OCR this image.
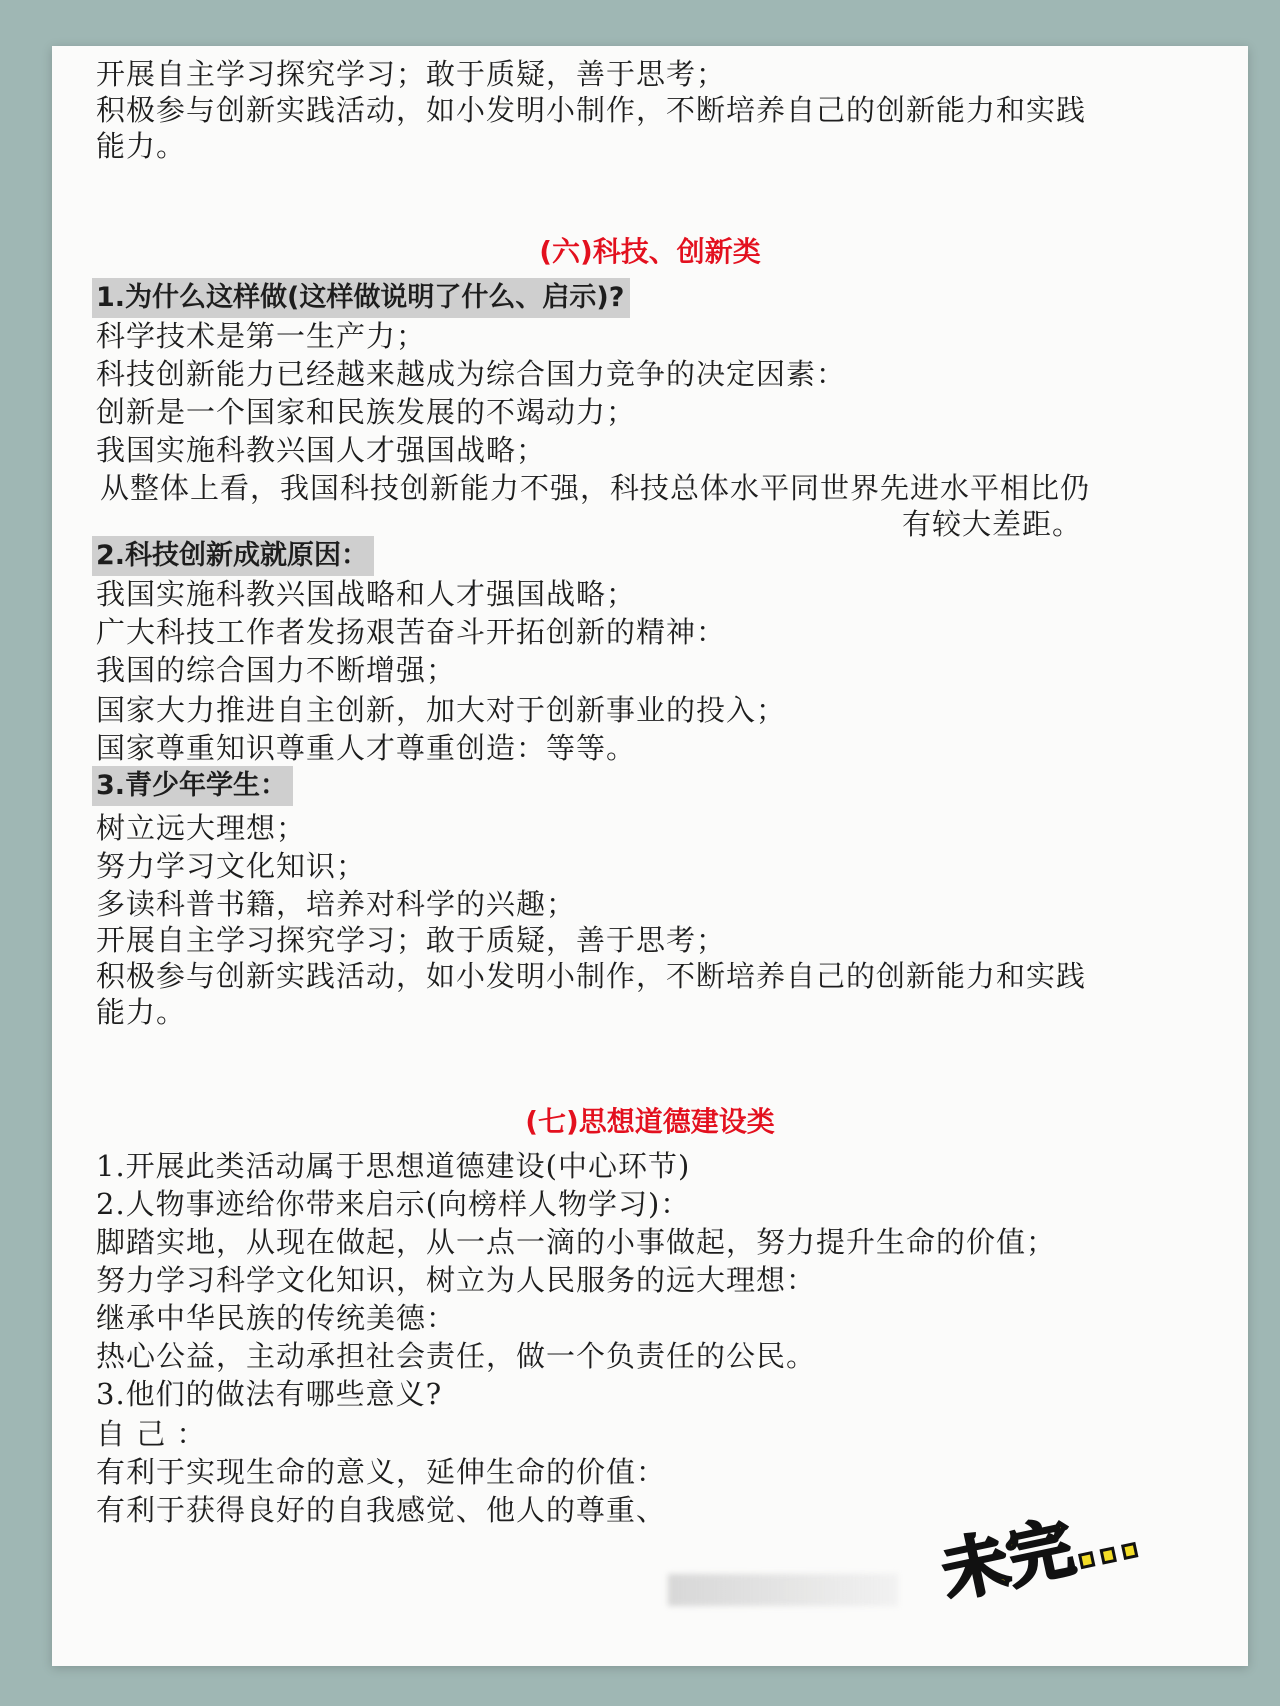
开展自主学习探究学习；敢于质疑，善于思考；
积极参与创新实践活动，如小发明小制作，不断培养自己的创新能力和实践
能力。
(六)科技、创新类
1.为什么这样做(这样做说明了什么、启示)?
科学技术是第一生产力；
科技创新能力已经越来越成为综合国力竞争的决定因素：
创新是一个国家和民族发展的不竭动力；
我国实施科教兴国人才强国战略；
从整体上看，我国科技创新能力不强，科技总体水平同世界先进水平相比仍
有较大差距。
2.科技创新成就原因：
我国实施科教兴国战略和人才强国战略；
广大科技工作者发扬艰苦奋斗开拓创新的精神：
我国的综合国力不断增强；
国家大力推进自主创新，加大对于创新事业的投入；
国家尊重知识尊重人才尊重创造：等等。
3.青少年学生：
树立远大理想；
努力学习文化知识；
多读科普书籍，培养对科学的兴趣；
开展自主学习探究学习；敢于质疑，善于思考；
积极参与创新实践活动，如小发明小制作，不断培养自己的创新能力和实践
能力。
(七)思想道德建设类
1.开展此类活动属于思想道德建设(中心环节)
2.人物事迹给你带来启示(向榜样人物学习)：
脚踏实地，从现在做起，从一点一滴的小事做起，努力提升生命的价值；
努力学习科学文化知识，树立为人民服务的远大理想：
继承中华民族的传统美德：
热心公益，主动承担社会责任，做一个负责任的公民。
3.他们的做法有哪些意义?
自 己 ：
有利于实现生命的意义，延伸生命的价值：
有利于获得良好的自我感觉、他人的尊重、	未完…
